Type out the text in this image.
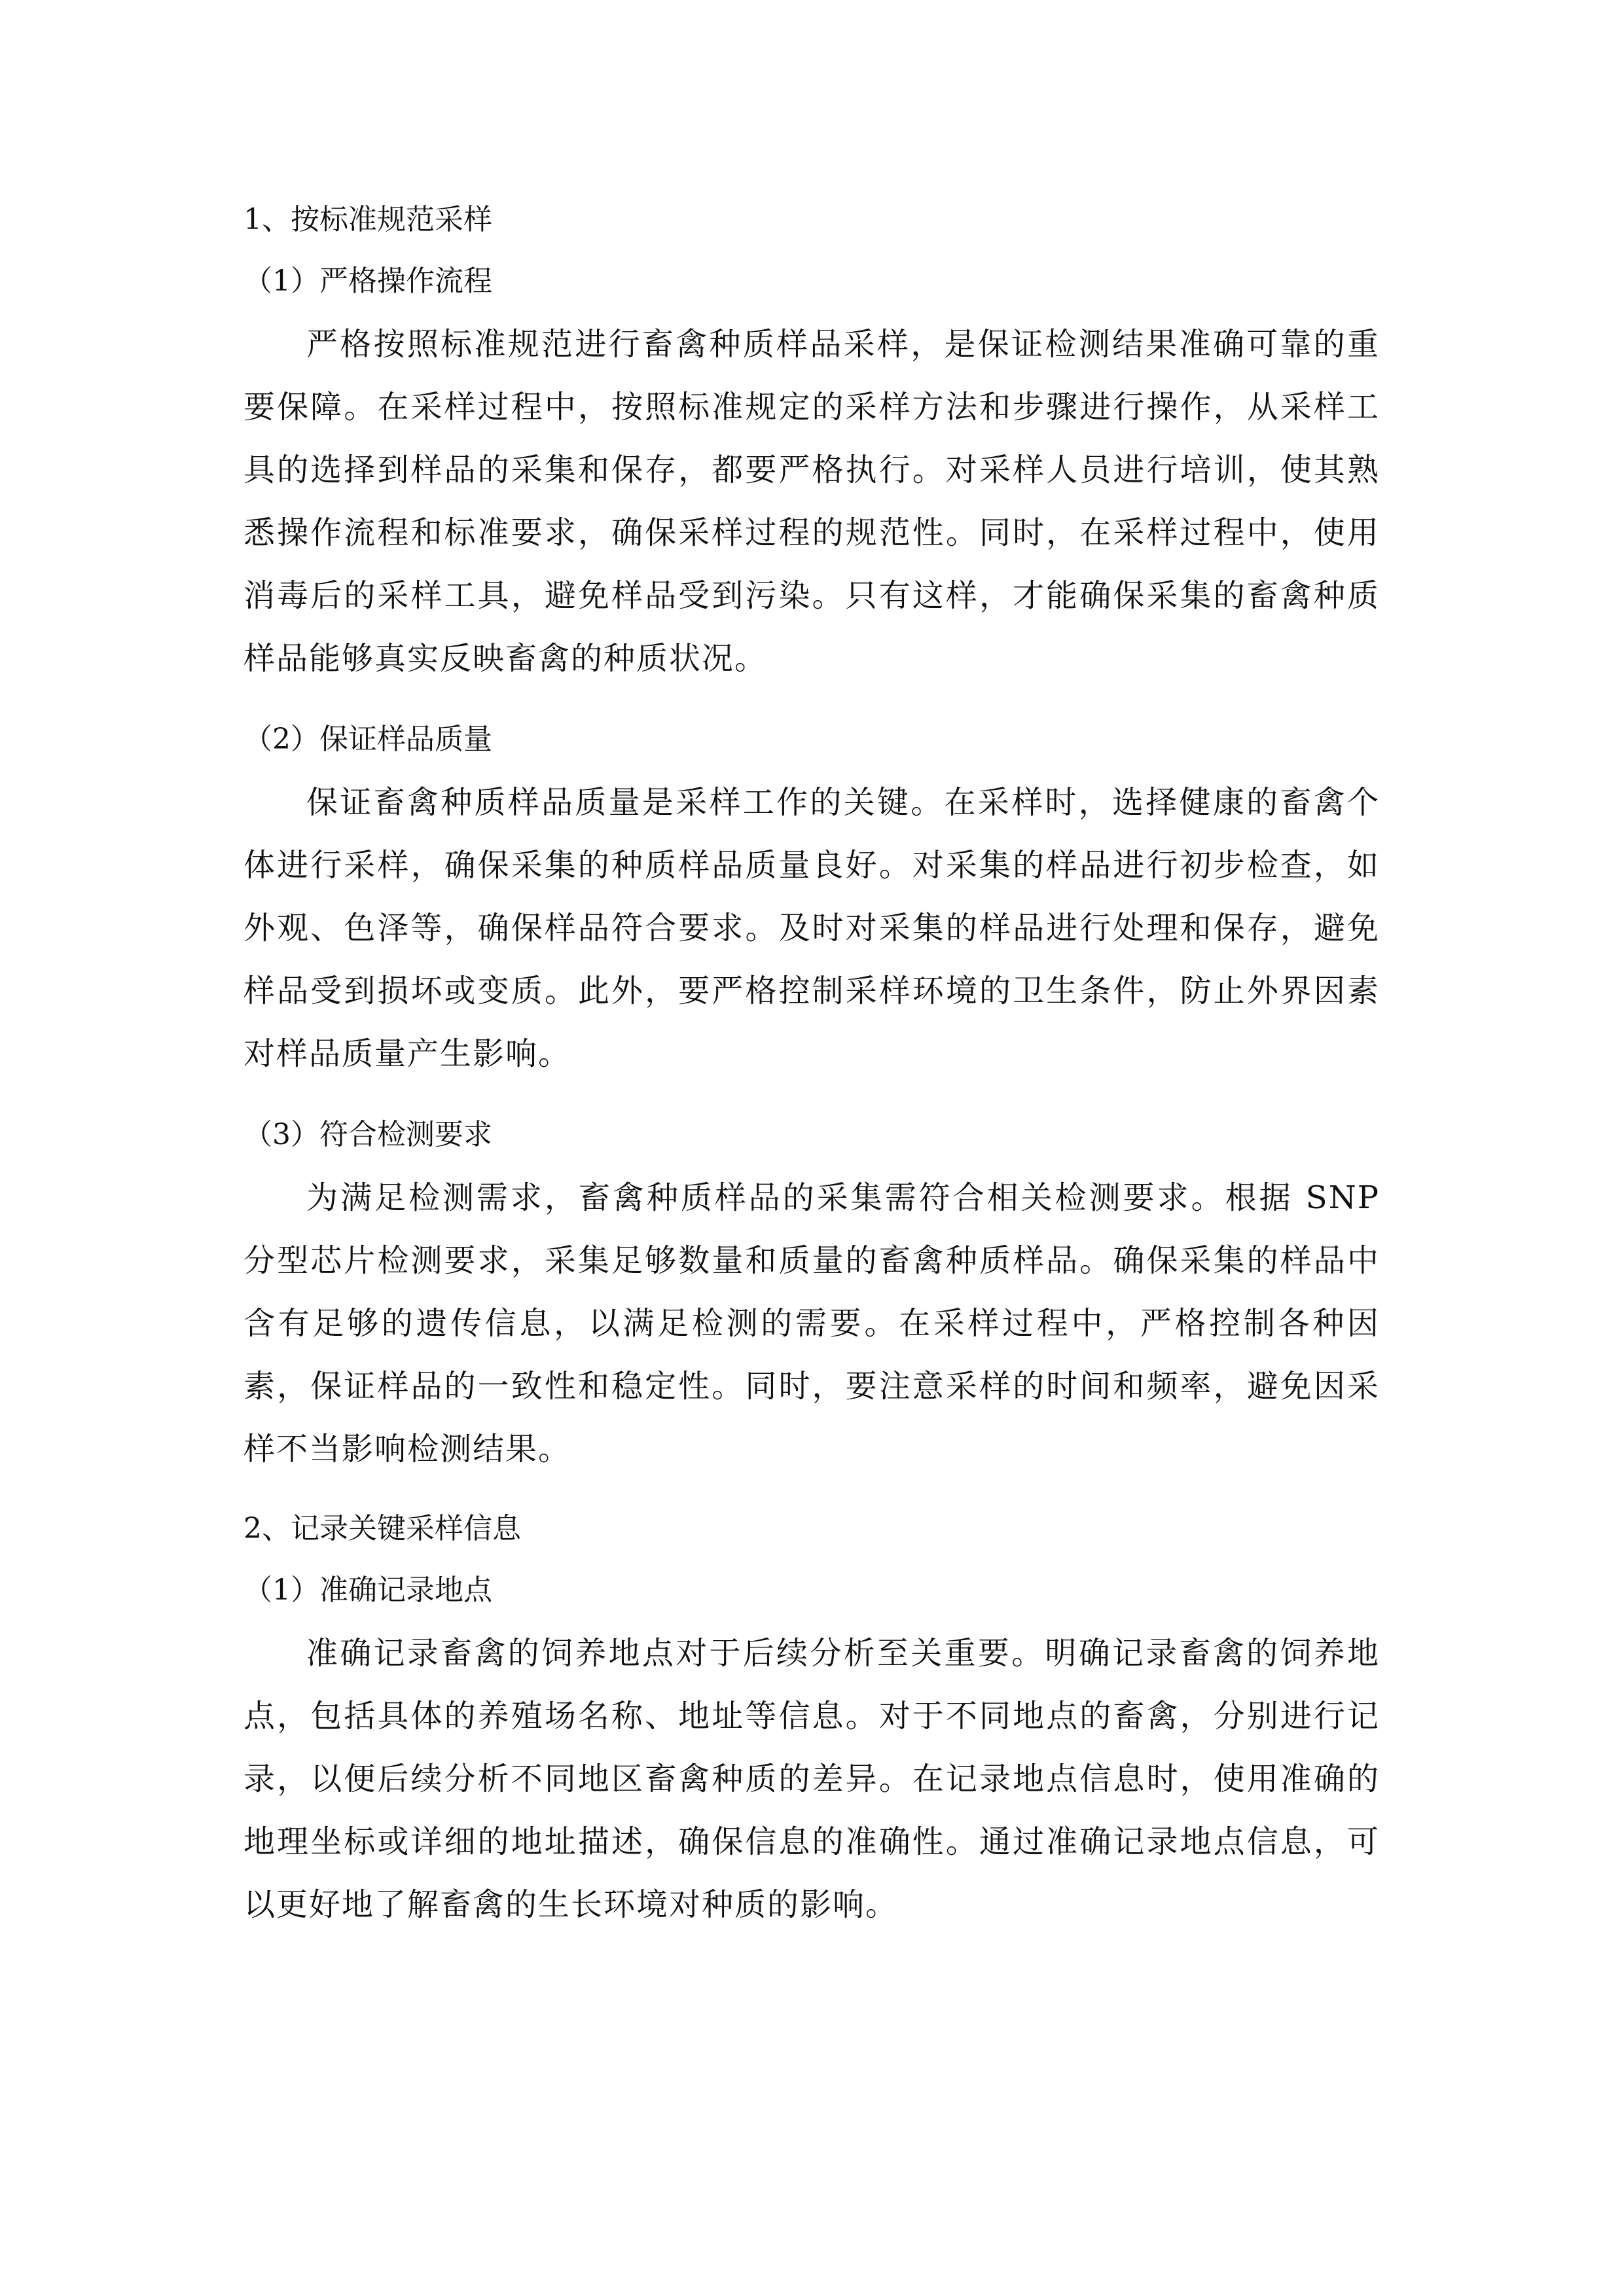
1、按标准规范采样

（1）严格操作流程

严格按照标准规范进行畜禽种质样品采样，是保证检测结果准确可靠的重要保障。在采样过程中，按照标准规定的采样方法和步骤进行操作，从采样工具的选择到样品的采集和保存，都要严格执行。对采样人员进行培训，使其熟悉操作流程和标准要求，确保采样过程的规范性。同时，在采样过程中，使用消毒后的采样工具，避免样品受到污染。只有这样，才能确保采集的畜禽种质样品能够真实反映畜禽的种质状况。

（2）保证样品质量

保证畜禽种质样品质量是采样工作的关键。在采样时，选择健康的畜禽个体进行采样，确保采集的种质样品质量良好。对采集的样品进行初步检查，如外观、色泽等，确保样品符合要求。及时对采集的样品进行处理和保存，避免样品受到损坏或变质。此外，要严格控制采样环境的卫生条件，防止外界因素对样品质量产生影响。

（3）符合检测要求

为满足检测需求，畜禽种质样品的采集需符合相关检测要求。根据 SNP 分型芯片检测要求，采集足够数量和质量的畜禽种质样品。确保采集的样品中含有足够的遗传信息，以满足检测的需要。在采样过程中，严格控制各种因素，保证样品的一致性和稳定性。同时，要注意采样的时间和频率，避免因采样不当影响检测结果。

2、记录关键采样信息

（1）准确记录地点

准确记录畜禽的饲养地点对于后续分析至关重要。明确记录畜禽的饲养地点，包括具体的养殖场名称、地址等信息。对于不同地点的畜禽，分别进行记录，以便后续分析不同地区畜禽种质的差异。在记录地点信息时，使用准确的地理坐标或详细的地址描述，确保信息的准确性。通过准确记录地点信息，可以更好地了解畜禽的生长环境对种质的影响。
